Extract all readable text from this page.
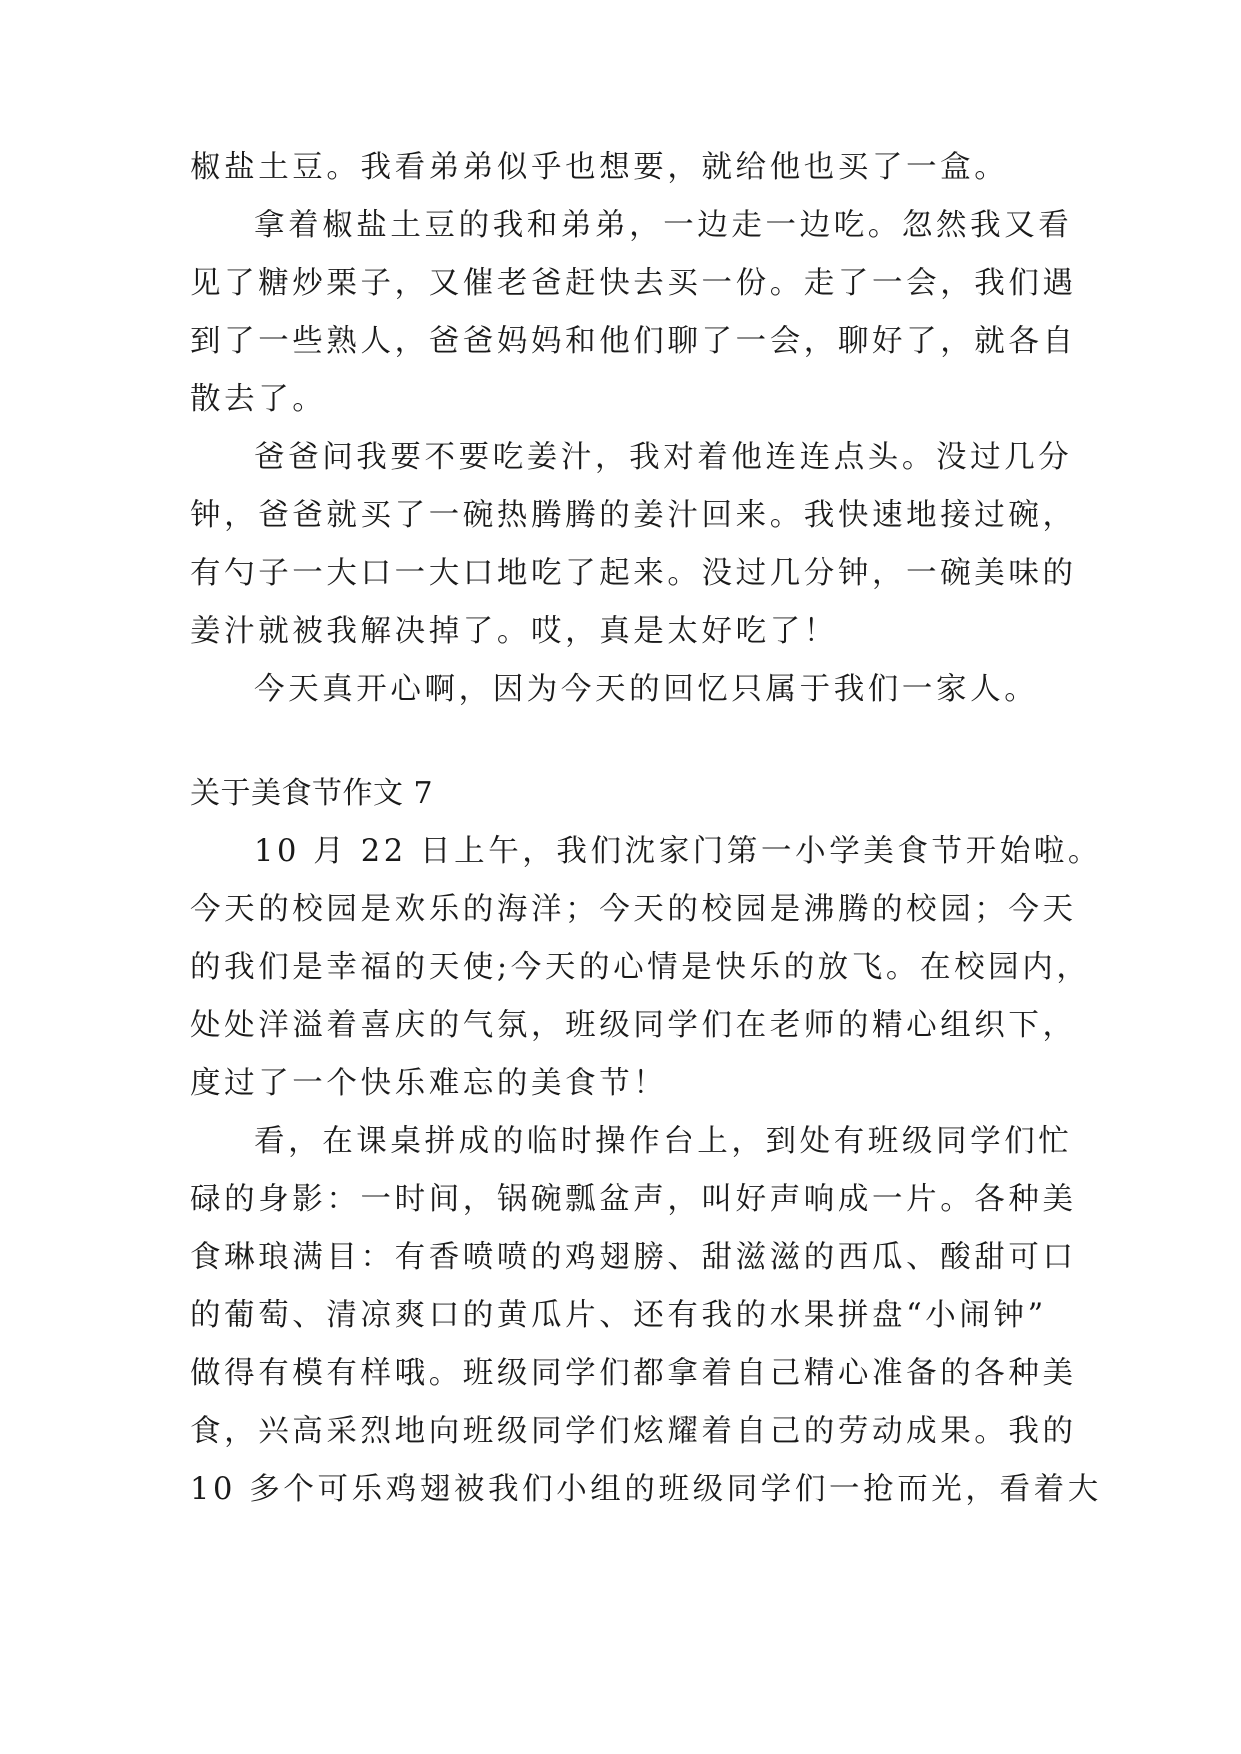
椒盐土豆。我看弟弟似乎也想要，就给他也买了一盒。
拿着椒盐土豆的我和弟弟，一边走一边吃。忽然我又看
见了糖炒栗子，又催老爸赶快去买一份。走了一会，我们遇
到了一些熟人，爸爸妈妈和他们聊了一会，聊好了，就各自
散去了。
爸爸问我要不要吃姜汁，我对着他连连点头。没过几分
钟，爸爸就买了一碗热腾腾的姜汁回来。我快速地接过碗，
有勺子一大口一大口地吃了起来。没过几分钟，一碗美味的
姜汁就被我解决掉了。哎，真是太好吃了！
今天真开心啊，因为今天的回忆只属于我们一家人。
关于美食节作文 7
10 月 22 日上午，我们沈家门第一小学美食节开始啦。
今天的校园是欢乐的海洋；今天的校园是沸腾的校园；今天
的我们是幸福的天使;今天的心情是快乐的放飞。在校园内，
处处洋溢着喜庆的气氛，班级同学们在老师的精心组织下，
度过了一个快乐难忘的美食节！
看，在课桌拼成的临时操作台上，到处有班级同学们忙
碌的身影：一时间，锅碗瓢盆声，叫好声响成一片。各种美
食琳琅满目：有香喷喷的鸡翅膀、甜滋滋的西瓜、酸甜可口
的葡萄、清凉爽口的黄瓜片、还有我的水果拼盘“小闹钟”
做得有模有样哦。班级同学们都拿着自己精心准备的各种美
食，兴高采烈地向班级同学们炫耀着自己的劳动成果。我的
10 多个可乐鸡翅被我们小组的班级同学们一抢而光，看着大
